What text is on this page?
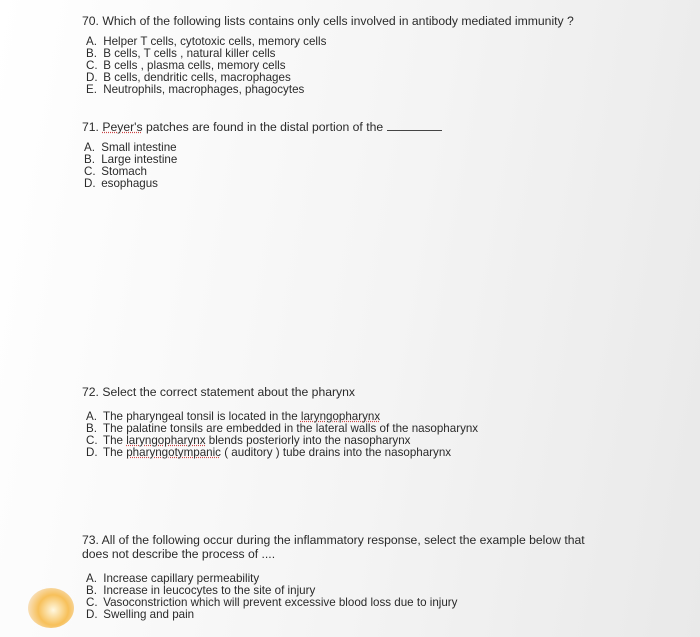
70. Which of the following lists contains only cells involved in antibody mediated immunity ?

A. Helper T cells, cytotoxic cells, memory cells
B. B cells, T cells , natural killer cells
C. B cells , plasma cells, memory cells
D. B cells, dendritic cells, macrophages
E. Neutrophils, macrophages, phagocytes

71. Peyer's patches are found in the distal portion of the

A. Small intestine
B. Large intestine
C. Stomach
D. esophagus

72. Select the correct statement about the pharynx

A. The pharyngeal tonsil is located in the laryngopharynx
B. The palatine tonsils are embedded in the lateral walls of the nasopharynx
C. The laryngopharynx blends posteriorly into the nasopharynx
D. The pharyngotympanic ( auditory ) tube drains into the nasopharynx

73. All of the following occur during the inflammatory response, select the example below that
does not describe the process of ....

A. Increase capillary permeability
B. Increase in leucocytes to the site of injury
C. Vasoconstriction which will prevent excessive blood loss due to injury
D. Swelling and pain
